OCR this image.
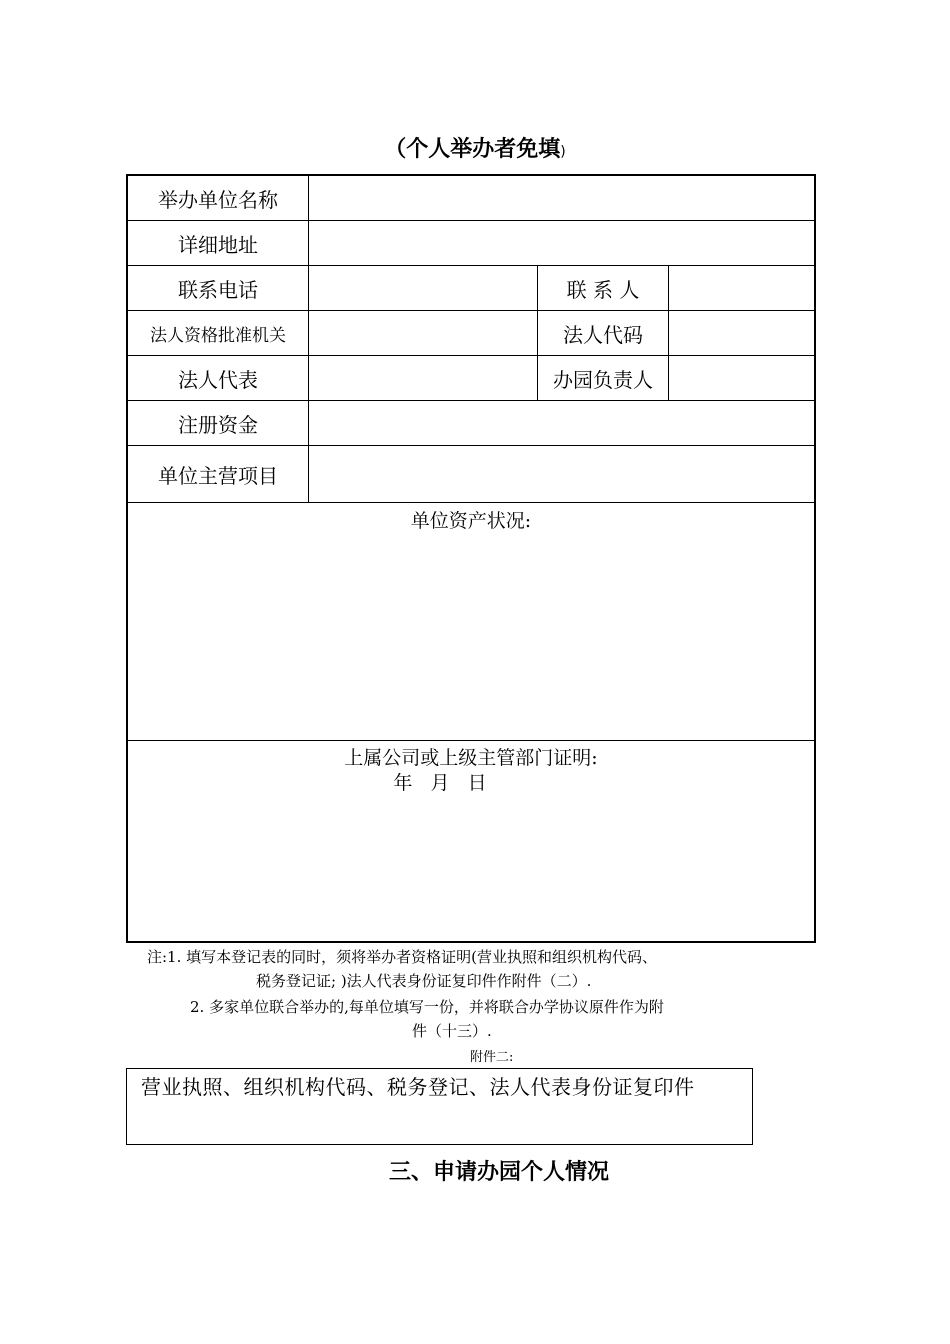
（个人举办者免填)
举办单位名称
详细地址
联系电话	联 系 人
法人资格批准机关	法人代码
法人代表	办园负责人
注册资金
单位主营项目
单位资产状况:
上属公司或上级主管部门证明:
年  月  日
注:1. 填写本登记表的同时，须将举办者资格证明(营业执照和组织机构代码、
税务登记证; )法人代表身份证复印件作附件（二）.
2. 多家单位联合举办的,每单位填写一份，并将联合办学协议原件作为附
件（十三）.
附件二:
营业执照、组织机构代码、税务登记、法人代表身份证复印件
三、申请办园个人情况
